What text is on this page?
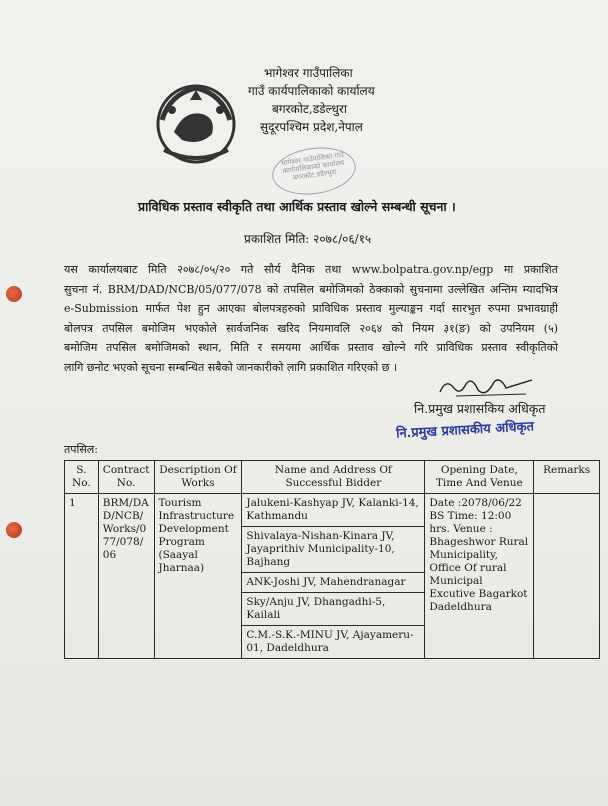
भागेश्वर गाउँपालिका
गाउँ कार्यपालिकाको कार्यालय
बगरकोट,डडेल्धुरा
सुदूरपश्चिम प्रदेश,नेपाल
भागेश्वर गाउँपालिका गाउँ कार्यपालिकाको कार्यालय बगरकोट,डडेल्धुरा
प्राविधिक प्रस्ताव स्वीकृति तथा आर्थिक प्रस्ताव खोल्ने सम्बन्धी सूचना ।
प्रकाशित मिति: २०७८/०६/१५
यस कार्यालयबाट मिति २०७८/०५/२० गते सौर्य दैनिक तथा www.bolpatra.gov.np/egp मा प्रकाशित
सुचना नं. BRM/DAD/NCB/05/077/078 को तपसिल बमोजिमको ठेक्काको सुचनामा उल्लेखित अन्तिम म्यादभित्र
e-Submission मार्फत पेश हुन आएका बोलपत्रहरुको प्राविधिक प्रस्ताव मुल्याङ्कन गर्दा सारभुत रुपमा प्रभावग्राही
बोलपत्र तपसिल बमोजिम भएकोले सार्वजनिक खरिद नियमावलि २०६४ को नियम ३१(ङ) को उपनियम (५)
बमोजिम तपसिल बमोजिमको स्थान, मिति र समयमा आर्थिक प्रस्ताव खोल्ने गरि प्राविधिक प्रस्ताव स्वीकृतिको
लागि छनोट भएको सूचना सम्बन्धित सबैको जानकारीको लागि प्रकाशित गरिएको छ ।
नि.प्रमुख प्रशासकिय अधिकृत
नि.प्रमुख प्रशासकीय अधिकृत
तपसिल:
S. No.	Contract No.	Description Of Works	Name and Address Of Successful Bidder	Opening Date, Time And Venue	Remarks
1	BRM/DAD/NCB/Works/077/078/06	Tourism Infrastructure Development Program (Saayal Jharnaa)	Jalukeni-Kashyap JV, Kalanki-14, Kathmandu
Shivalaya-Nishan-Kinara JV, Jayaprithiv Municipality-10, Bajhang
ANK-Joshi JV, Mahendranagar
Sky/Anju JV, Dhangadhi-5, Kailali
C.M.-S.K.-MINU JV, Ajayameru-01, Dadeldhura	Date :2078/06/22 BS Time: 12:00 hrs. Venue : Bhageshwor Rural Municipality, Office Of rural Municipal Excutive Bagarkot Dadeldhura	
